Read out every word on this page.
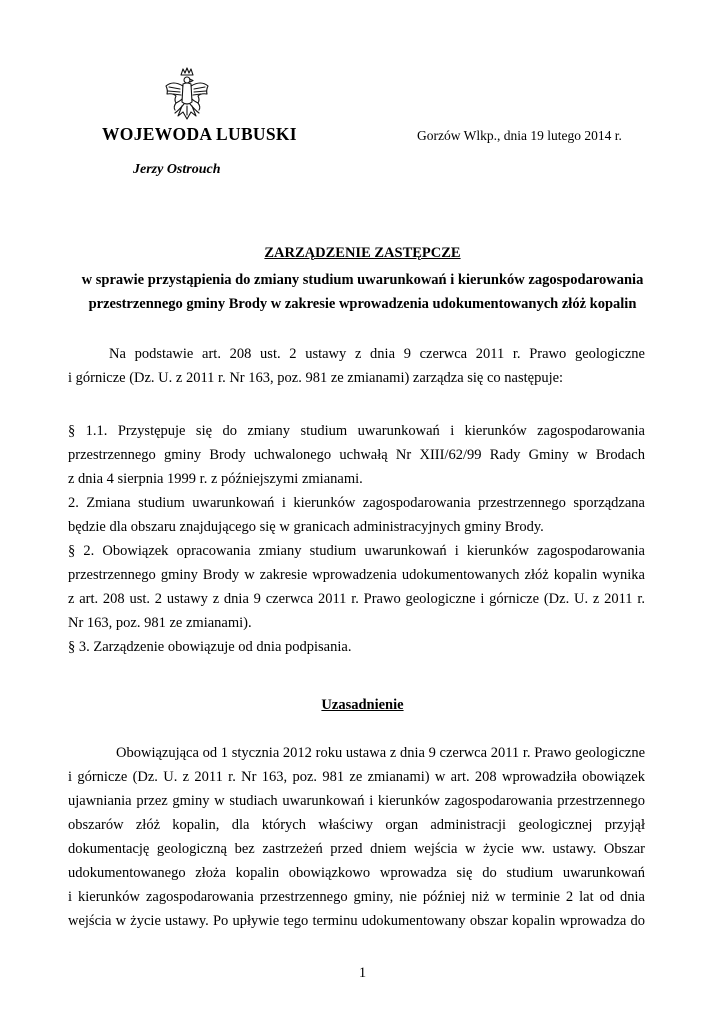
WOJEWODA LUBUSKI	Gorzów Wlkp., dnia 19 lutego 2014 r.
Jerzy Ostrouch
ZARZĄDZENIE ZASTĘPCZE
w sprawie przystąpienia do zmiany studium uwarunkowań i kierunków zagospodarowania
przestrzennego gminy Brody w zakresie wprowadzenia udokumentowanych złóż kopalin

Na podstawie art. 208 ust. 2 ustawy z dnia 9 czerwca 2011 r. Prawo geologiczne

i górnicze (Dz. U. z 2011 r. Nr 163, poz. 981 ze zmianami) zarządza się co następuje:

§ 1.1. Przystępuje się do zmiany studium uwarunkowań i kierunków zagospodarowania

przestrzennego gminy Brody uchwalonego uchwałą Nr XIII/62/99 Rady Gminy w Brodach

z dnia 4 sierpnia 1999 r. z późniejszymi zmianami.

2. Zmiana studium uwarunkowań i kierunków zagospodarowania przestrzennego sporządzana

będzie dla obszaru znajdującego się w granicach administracyjnych gminy Brody.

§ 2. Obowiązek opracowania zmiany studium uwarunkowań i kierunków zagospodarowania

przestrzennego gminy Brody w zakresie wprowadzenia udokumentowanych złóż kopalin wynika

z art. 208 ust. 2 ustawy z dnia 9 czerwca 2011 r. Prawo geologiczne i górnicze (Dz. U. z 2011 r.

Nr 163, poz. 981 ze zmianami).

§ 3. Zarządzenie obowiązuje od dnia podpisania.

Uzasadnienie

Obowiązująca od 1 stycznia 2012 roku ustawa z dnia 9 czerwca 2011 r. Prawo geologiczne

i górnicze (Dz. U. z 2011 r. Nr 163, poz. 981 ze zmianami) w art. 208 wprowadziła obowiązek

ujawniania przez gminy w studiach uwarunkowań i kierunków zagospodarowania przestrzennego

obszarów złóż kopalin, dla których właściwy organ administracji geologicznej przyjął

dokumentację geologiczną bez zastrzeżeń przed dniem wejścia w życie ww. ustawy. Obszar

udokumentowanego złoża kopalin obowiązkowo wprowadza się do studium uwarunkowań

i kierunków zagospodarowania przestrzennego gminy, nie później niż w terminie 2 lat od dnia

wejścia w życie ustawy. Po upływie tego terminu udokumentowany obszar kopalin wprowadza do

1
